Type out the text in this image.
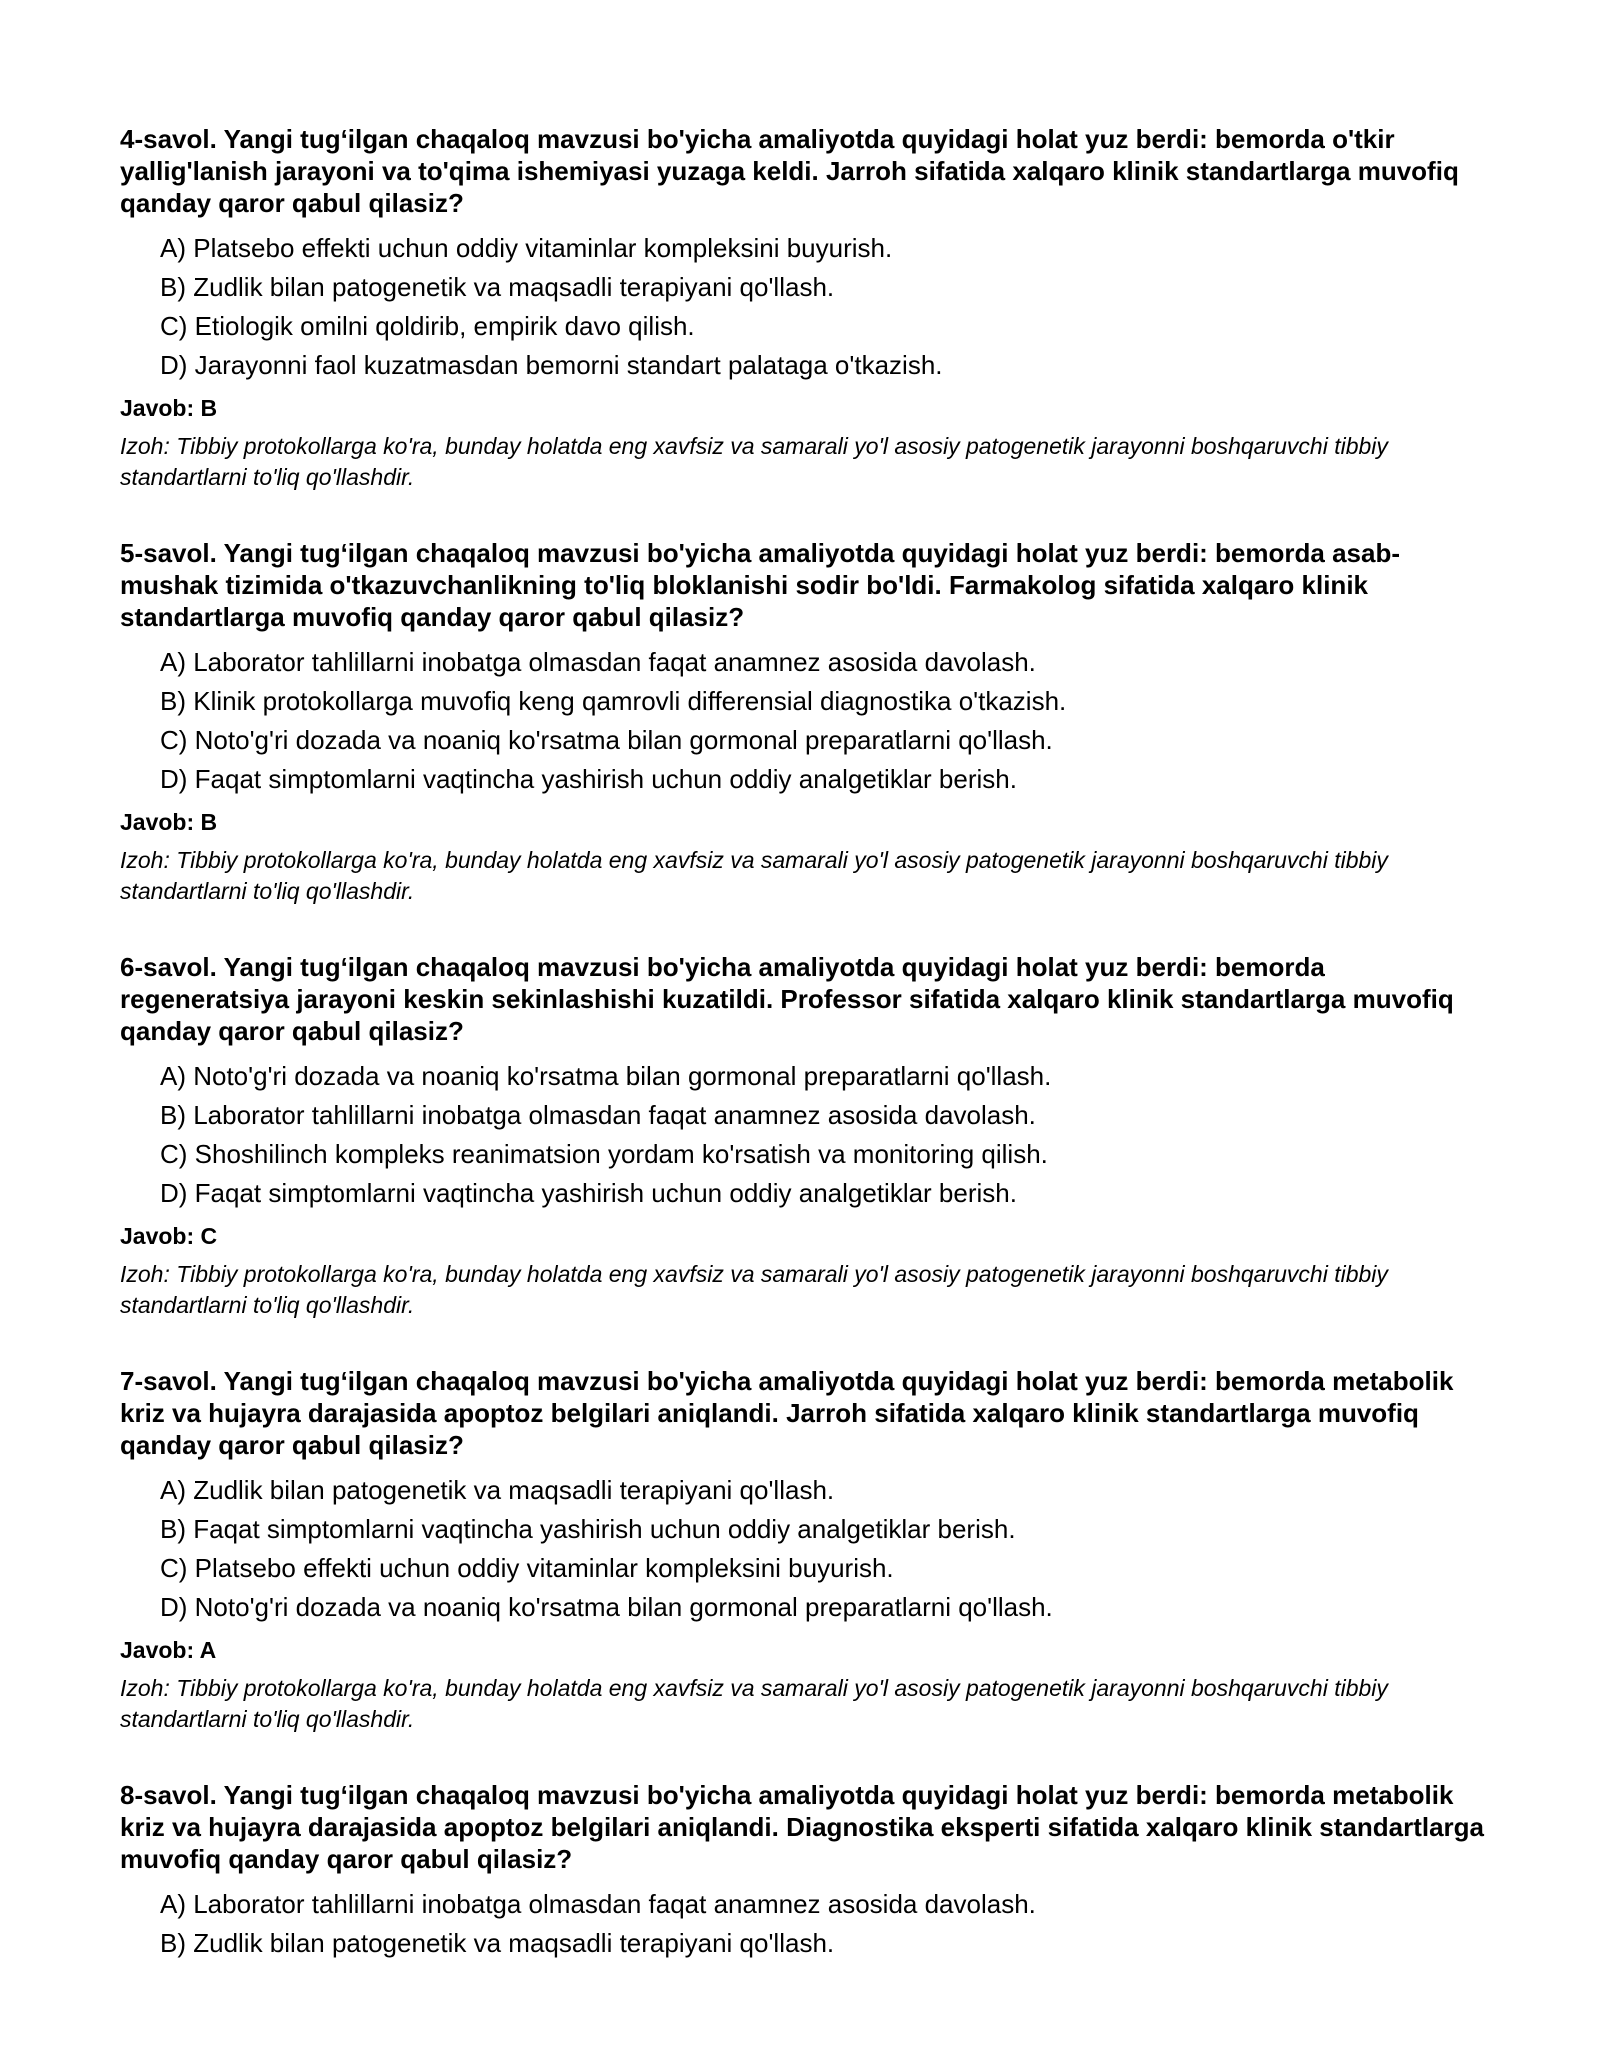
4-savol. Yangi tug‘ilgan chaqaloq mavzusi bo'yicha amaliyotda quyidagi holat yuz berdi: bemorda o'tkir yallig'lanish jarayoni va to'qima ishemiyasi yuzaga keldi. Jarroh sifatida xalqaro klinik standartlarga muvofiq qanday qaror qabul qilasiz?

A) Platsebo effekti uchun oddiy vitaminlar kompleksini buyurish.
B) Zudlik bilan patogenetik va maqsadli terapiyani qo'llash.
C) Etiologik omilni qoldirib, empirik davo qilish.
D) Jarayonni faol kuzatmasdan bemorni standart palataga o'tkazish.
Javob: B
Izoh: Tibbiy protokollarga ko'ra, bunday holatda eng xavfsiz va samarali yo'l asosiy patogenetik jarayonni boshqaruvchi tibbiy standartlarni to'liq qo'llashdir.

5-savol. Yangi tug‘ilgan chaqaloq mavzusi bo'yicha amaliyotda quyidagi holat yuz berdi: bemorda asab-mushak tizimida o'tkazuvchanlikning to'liq bloklanishi sodir bo'ldi. Farmakolog sifatida xalqaro klinik standartlarga muvofiq qanday qaror qabul qilasiz?

A) Laborator tahlillarni inobatga olmasdan faqat anamnez asosida davolash.
B) Klinik protokollarga muvofiq keng qamrovli differensial diagnostika o'tkazish.
C) Noto'g'ri dozada va noaniq ko'rsatma bilan gormonal preparatlarni qo'llash.
D) Faqat simptomlarni vaqtincha yashirish uchun oddiy analgetiklar berish.
Javob: B
Izoh: Tibbiy protokollarga ko'ra, bunday holatda eng xavfsiz va samarali yo'l asosiy patogenetik jarayonni boshqaruvchi tibbiy standartlarni to'liq qo'llashdir.

6-savol. Yangi tug‘ilgan chaqaloq mavzusi bo'yicha amaliyotda quyidagi holat yuz berdi: bemorda regeneratsiya jarayoni keskin sekinlashishi kuzatildi. Professor sifatida xalqaro klinik standartlarga muvofiq qanday qaror qabul qilasiz?

A) Noto'g'ri dozada va noaniq ko'rsatma bilan gormonal preparatlarni qo'llash.
B) Laborator tahlillarni inobatga olmasdan faqat anamnez asosida davolash.
C) Shoshilinch kompleks reanimatsion yordam ko'rsatish va monitoring qilish.
D) Faqat simptomlarni vaqtincha yashirish uchun oddiy analgetiklar berish.
Javob: C
Izoh: Tibbiy protokollarga ko'ra, bunday holatda eng xavfsiz va samarali yo'l asosiy patogenetik jarayonni boshqaruvchi tibbiy standartlarni to'liq qo'llashdir.

7-savol. Yangi tug‘ilgan chaqaloq mavzusi bo'yicha amaliyotda quyidagi holat yuz berdi: bemorda metabolik kriz va hujayra darajasida apoptoz belgilari aniqlandi. Jarroh sifatida xalqaro klinik standartlarga muvofiq qanday qaror qabul qilasiz?

A) Zudlik bilan patogenetik va maqsadli terapiyani qo'llash.
B) Faqat simptomlarni vaqtincha yashirish uchun oddiy analgetiklar berish.
C) Platsebo effekti uchun oddiy vitaminlar kompleksini buyurish.
D) Noto'g'ri dozada va noaniq ko'rsatma bilan gormonal preparatlarni qo'llash.
Javob: A
Izoh: Tibbiy protokollarga ko'ra, bunday holatda eng xavfsiz va samarali yo'l asosiy patogenetik jarayonni boshqaruvchi tibbiy standartlarni to'liq qo'llashdir.

8-savol. Yangi tug‘ilgan chaqaloq mavzusi bo'yicha amaliyotda quyidagi holat yuz berdi: bemorda metabolik kriz va hujayra darajasida apoptoz belgilari aniqlandi. Diagnostika eksperti sifatida xalqaro klinik standartlarga muvofiq qanday qaror qabul qilasiz?

A) Laborator tahlillarni inobatga olmasdan faqat anamnez asosida davolash.
B) Zudlik bilan patogenetik va maqsadli terapiyani qo'llash.
